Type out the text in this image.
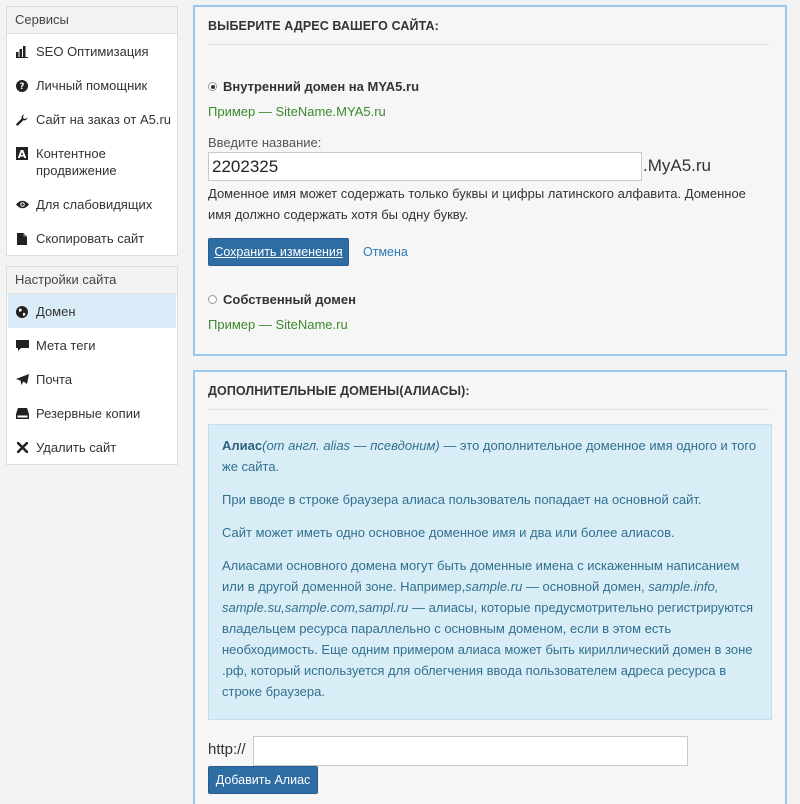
Сервисы
SEO Оптимизация
? Личный помощник
Сайт на заказ от A5.ru
A Контентное продвижение
Для слабовидящих
Скопировать сайт
Настройки сайта
Домен
Мета теги
Почта
Резервные копии
Удалить сайт
ВЫБЕРИТЕ АДРЕС ВАШЕГО САЙТА:
Внутренний домен на MYA5.ru
Пример — SiteName.MYA5.ru
Введите название:
2202325
.MyA5.ru
Доменное имя может содержать только буквы и цифры латинского алфавита. Доменное имя должно содержать хотя бы одну букву.
Сохранить изменения	Отмена
Собственный домен
Пример — SiteName.ru
ДОПОЛНИТЕЛЬНЫЕ ДОМЕНЫ(АЛИАСЫ):

Алиас(от англ. alias — псевдоним) — это дополнительное доменное имя одного и того же сайта.

При вводе в строке браузера алиаса пользователь попадает на основной сайт.

Сайт может иметь одно основное доменное имя и два или более алиасов.

Алиасами основного домена могут быть доменные имена с искаженным написанием или в другой доменной зоне. Например,sample.ru — основной домен, sample.info, sample.su,sample.com,sampl.ru — алиасы, которые предусмотрительно регистрируются владельцем ресурса параллельно с основным доменом, если в этом есть необходимость. Еще одним примером алиаса может быть кириллический домен в зоне .рф, который используется для облегчения ввода пользователем адреса ресурса в строке браузера.

http://
Добавить Алиас
